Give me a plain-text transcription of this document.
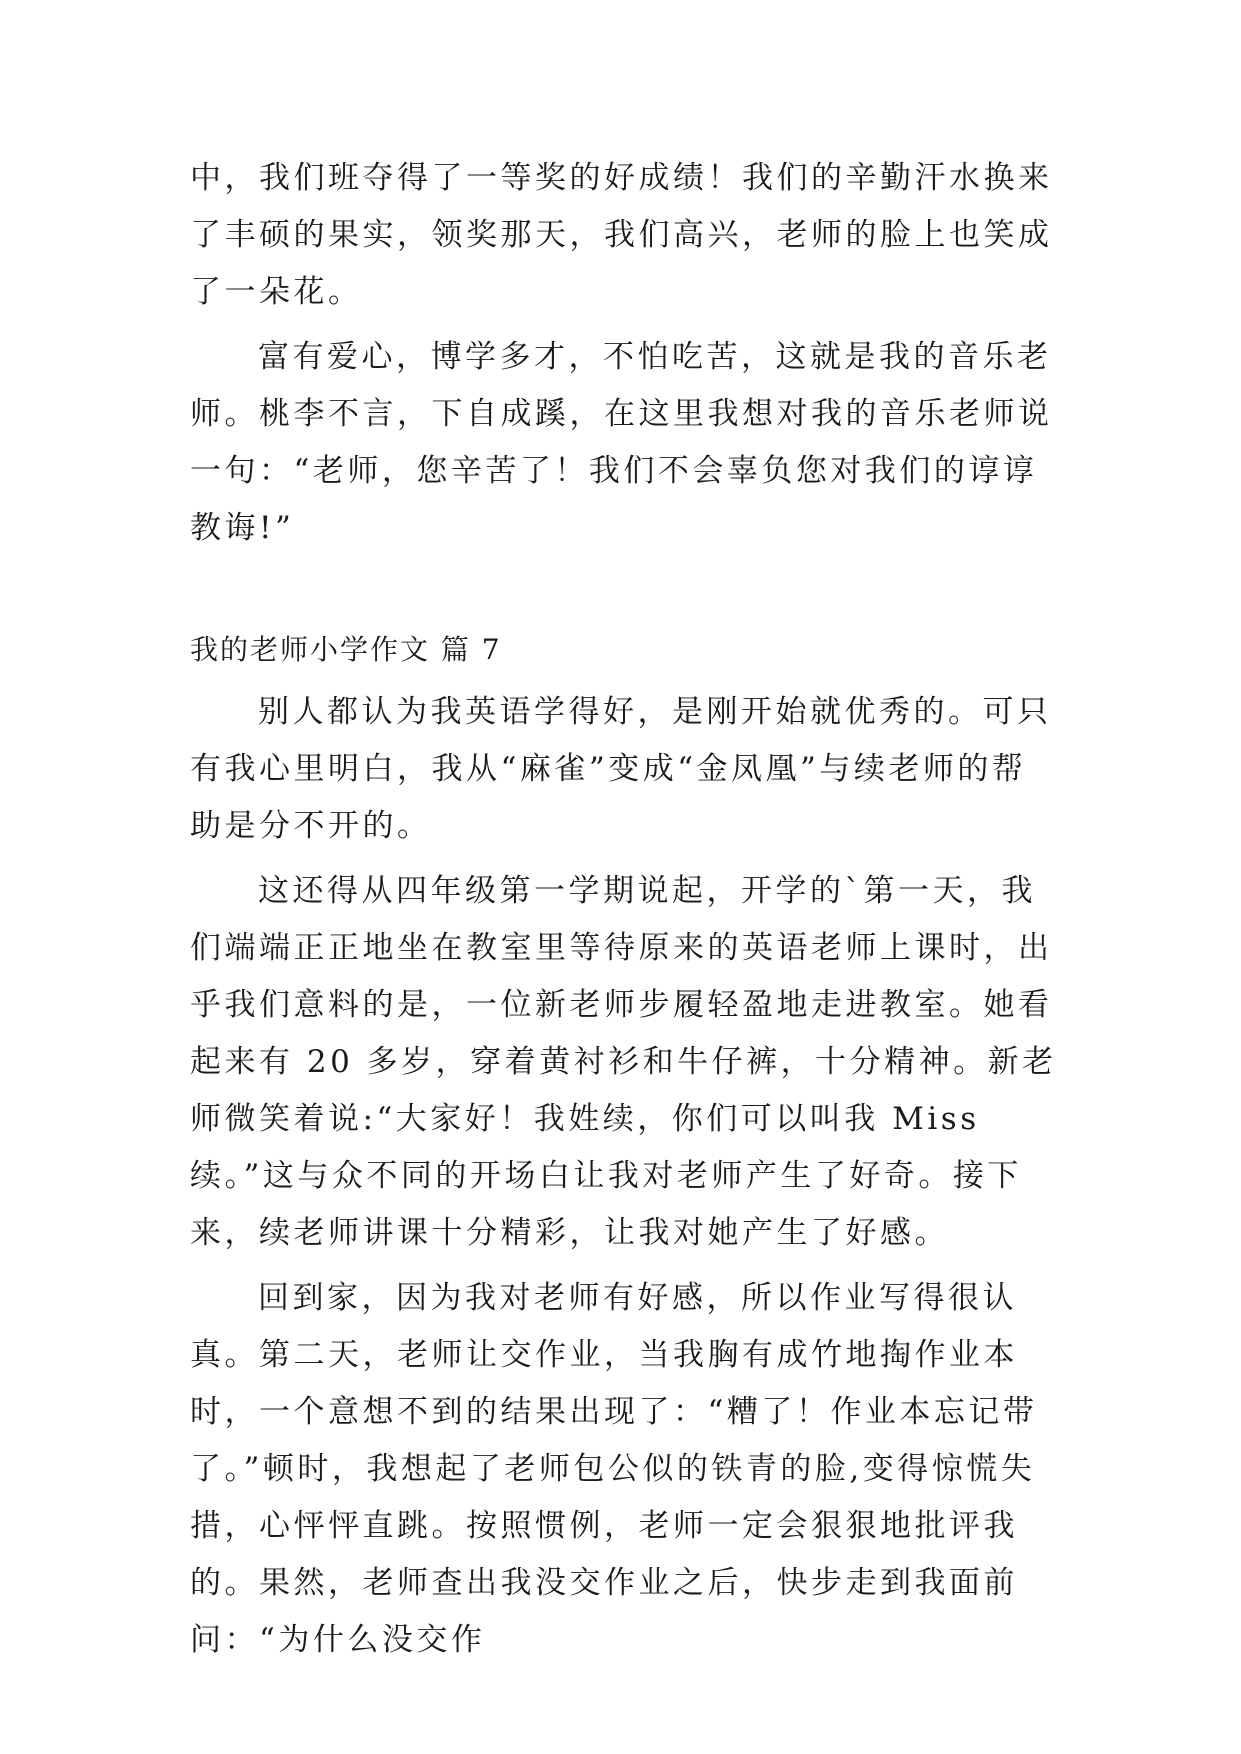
中，我们班夺得了一等奖的好成绩！我们的辛勤汗水换来了丰硕的果实，领奖那天，我们高兴，老师的脸上也笑成了一朵花。

富有爱心，博学多才，不怕吃苦，这就是我的音乐老师。桃李不言，下自成蹊，在这里我想对我的音乐老师说一句：“老师，您辛苦了！我们不会辜负您对我们的谆谆教诲!”

我的老师小学作文 篇 7

别人都认为我英语学得好，是刚开始就优秀的。可只有我心里明白，我从“麻雀”变成“金凤凰”与续老师的帮助是分不开的。

这还得从四年级第一学期说起，开学的`第一天，我们端端正正地坐在教室里等待原来的英语老师上课时，出乎我们意料的是，一位新老师步履轻盈地走进教室。她看起来有 20 多岁，穿着黄衬衫和牛仔裤，十分精神。新老师微笑着说:“大家好！我姓续，你们可以叫我 Miss 续。”这与众不同的开场白让我对老师产生了好奇。接下来，续老师讲课十分精彩，让我对她产生了好感。

回到家，因为我对老师有好感，所以作业写得很认真。第二天，老师让交作业，当我胸有成竹地掏作业本时，一个意想不到的结果出现了：“糟了！作业本忘记带了。”顿时，我想起了老师包公似的铁青的脸,变得惊慌失措，心怦怦直跳。按照惯例，老师一定会狠狠地批评我的。果然，老师查出我没交作业之后，快步走到我面前问：“为什么没交作
